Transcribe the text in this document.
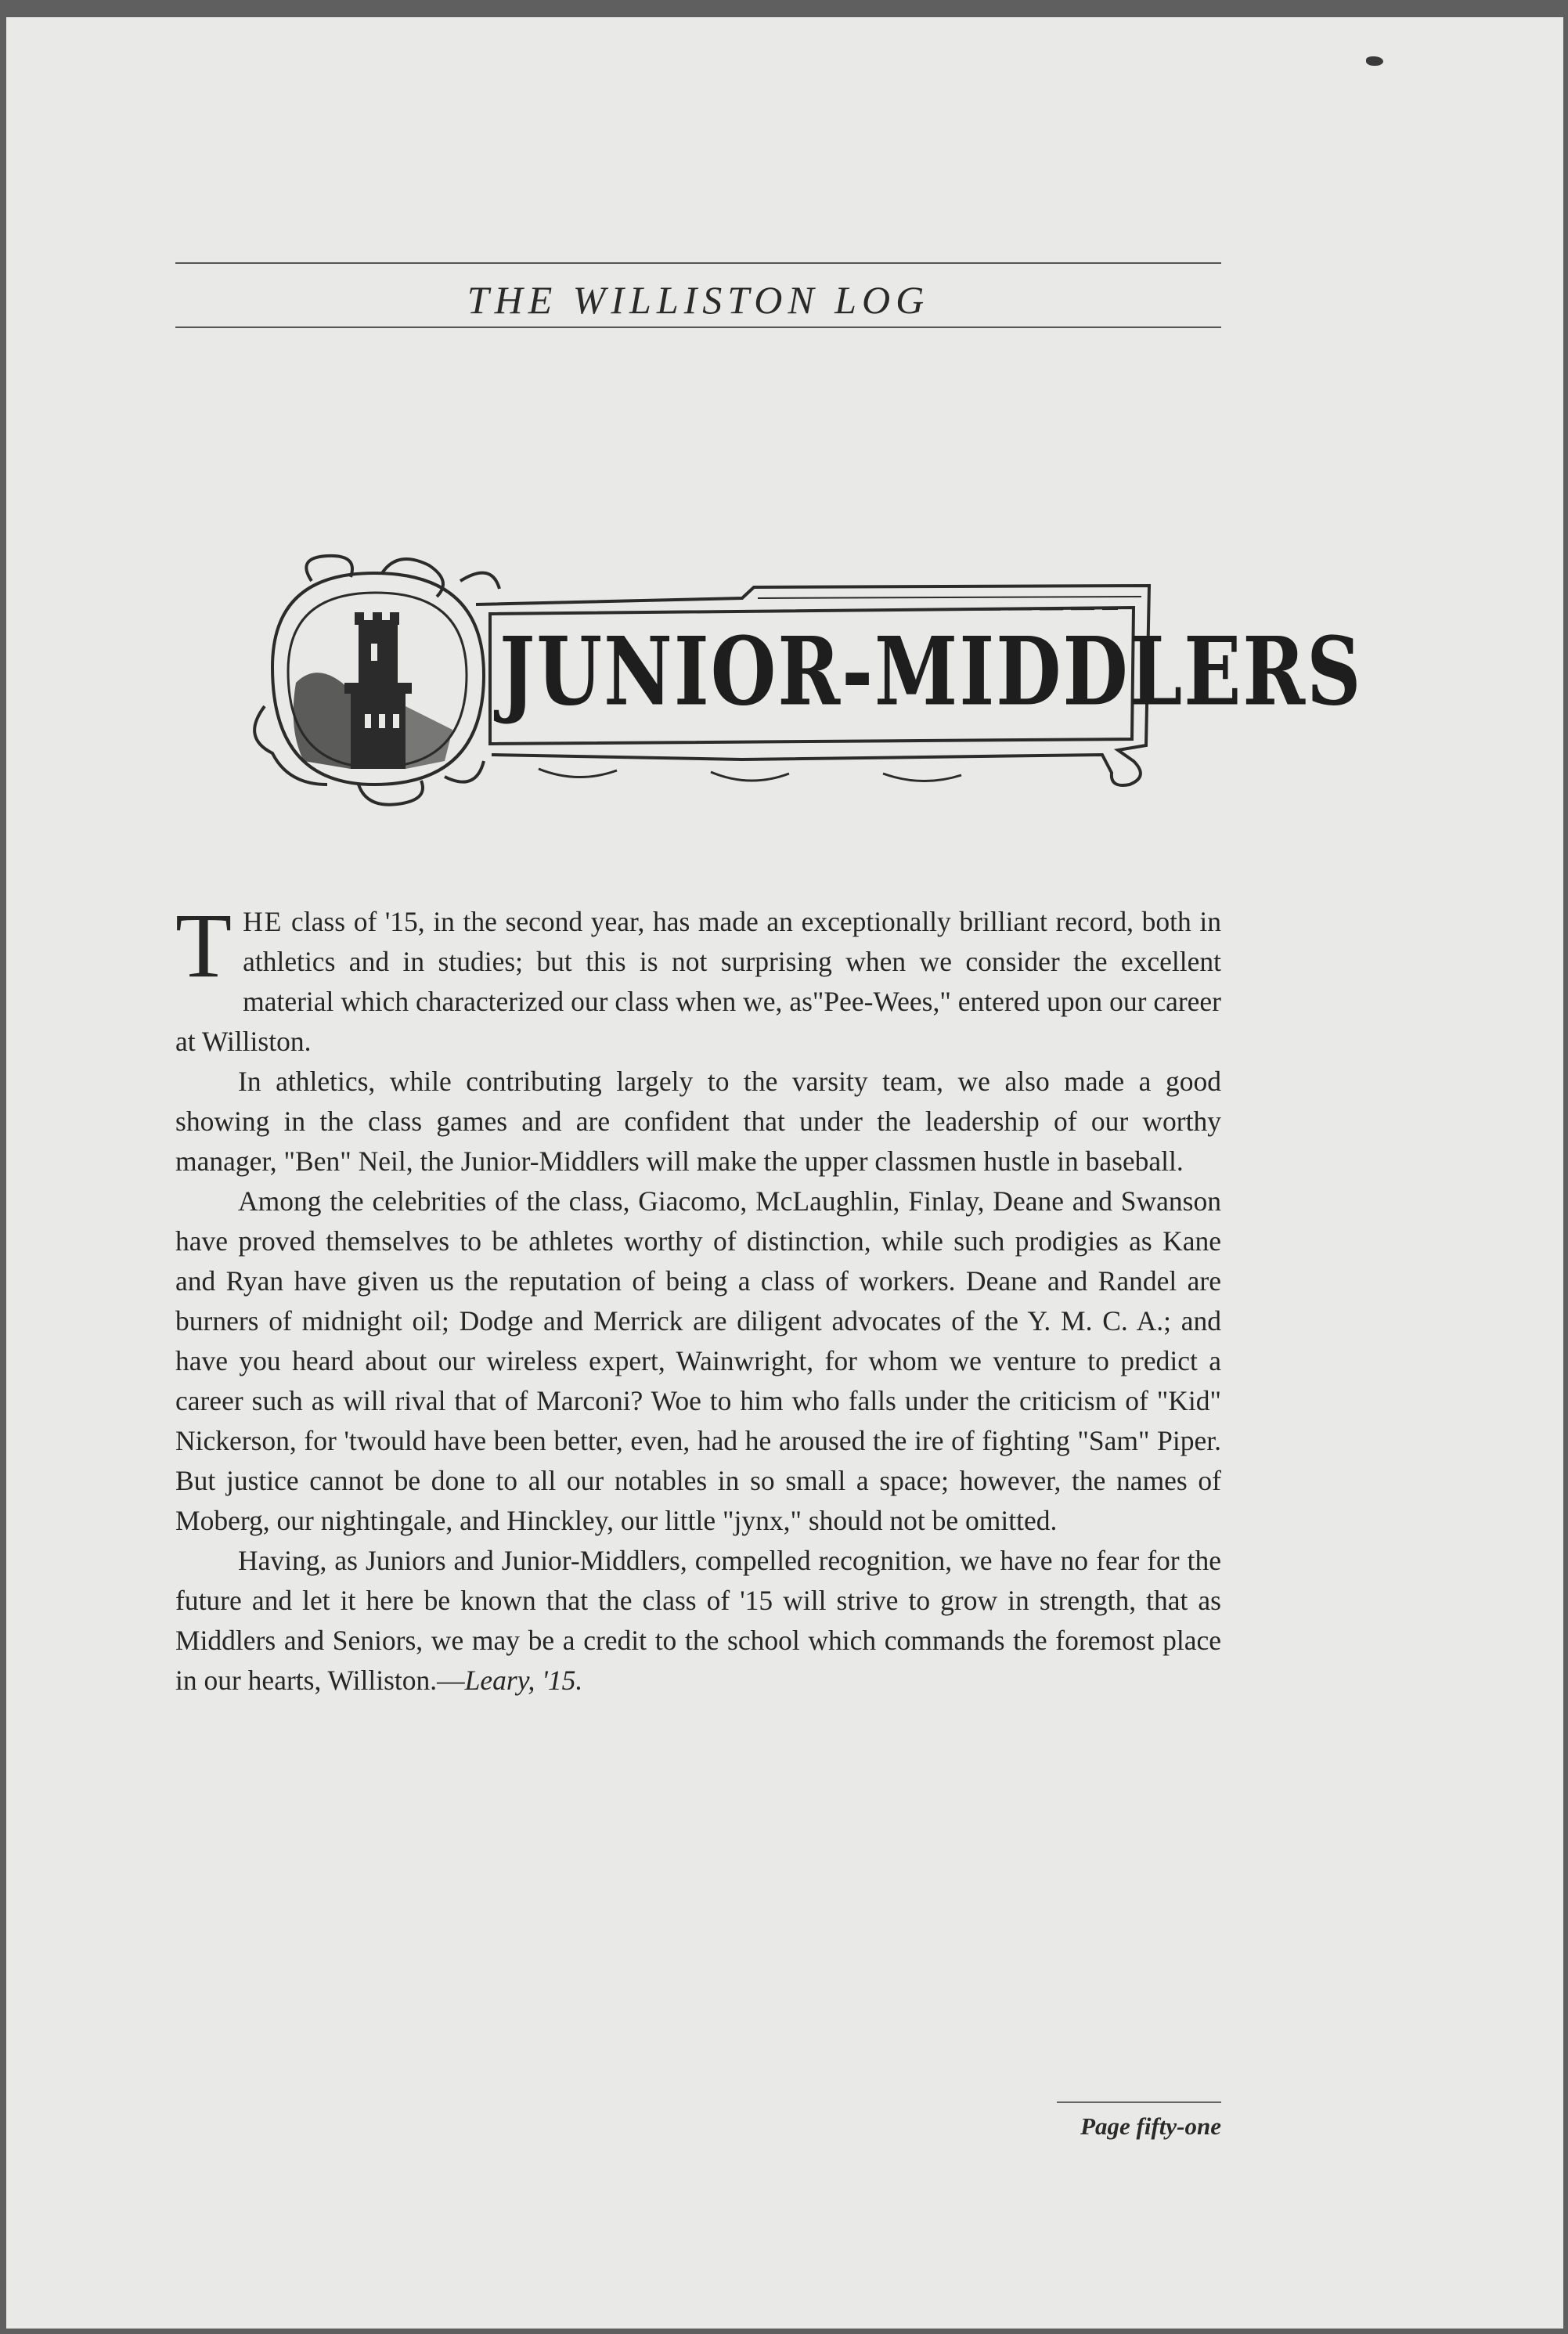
THE WILLISTON LOG
JUNIOR-MIDDLERS

THE class of '15, in the second year, has made an exceptionally brilliant record, both in athletics and in studies; but this is not surprising when we consider the excellent material which characterized our class when we, as"Pee-Wees," entered upon our career at Williston.

In athletics, while contributing largely to the varsity team, we also made a good showing in the class games and are confident that under the leadership of our worthy manager, "Ben" Neil, the Junior-Middlers will make the upper classmen hustle in baseball.

Among the celebrities of the class, Giacomo, McLaughlin, Finlay, Deane and Swanson have proved themselves to be athletes worthy of distinction, while such prodigies as Kane and Ryan have given us the reputation of being a class of workers. Deane and Randel are burners of midnight oil; Dodge and Merrick are diligent advocates of the Y. M. C. A.; and have you heard about our wireless expert, Wainwright, for whom we venture to predict a career such as will rival that of Marconi? Woe to him who falls under the criticism of "Kid" Nickerson, for 'twould have been better, even, had he aroused the ire of fighting "Sam" Piper. But justice cannot be done to all our notables in so small a space; however, the names of Moberg, our nightingale, and Hinckley, our little "jynx," should not be omitted.

Having, as Juniors and Junior-Middlers, compelled recognition, we have no fear for the future and let it here be known that the class of '15 will strive to grow in strength, that as Middlers and Seniors, we may be a credit to the school which commands the foremost place in our hearts, Williston.—Leary, '15.

Page fifty-one
